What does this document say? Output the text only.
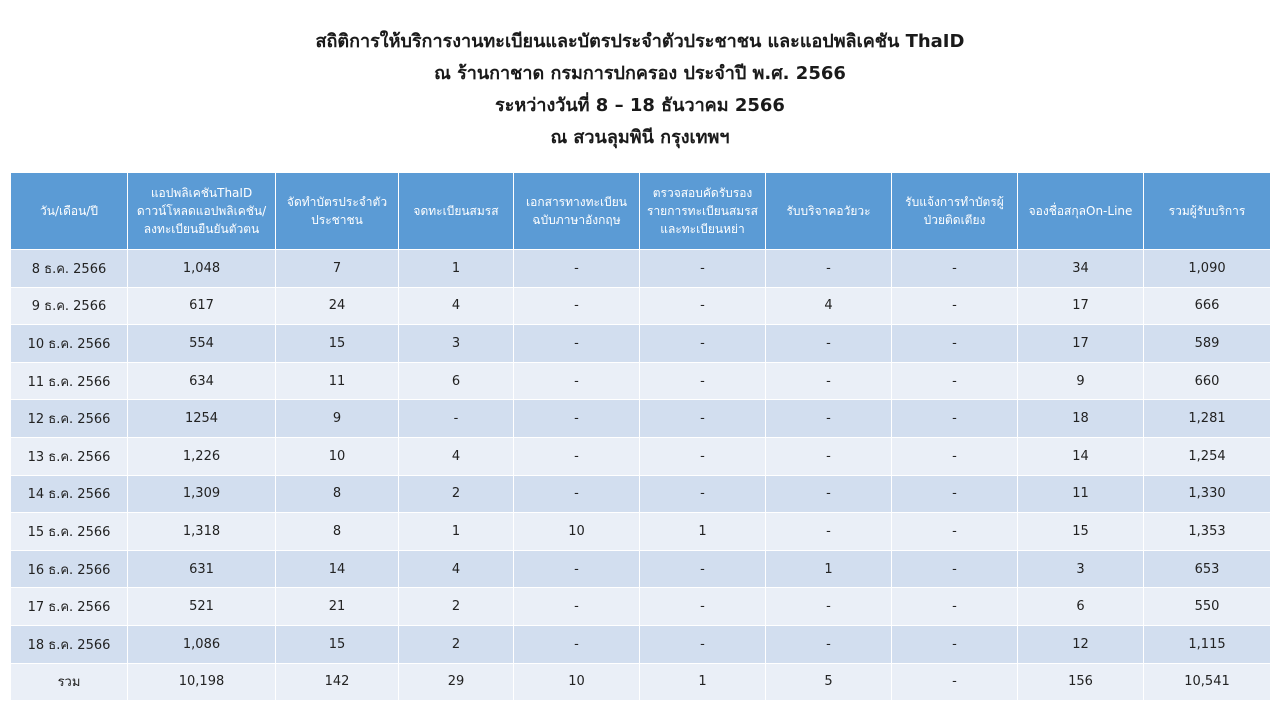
สถิติการให้บริการงานทะเบียนและบัตรประจำตัวประชาชน และแอปพลิเคชัน ThaID
ณ ร้านกาชาด กรมการปกครอง ประจำปี พ.ศ. 2566
ระหว่างวันที่ 8 – 18 ธันวาคม 2566
ณ สวนลุมพินี กรุงเทพฯ
วัน/เดือน/ปี	แอปพลิเคชันThaID ดาวน์โหลดแอปพลิเคชัน/ ลงทะเบียนยืนยันตัวตน	จัดทำบัตรประจำตัว ประชาชน	จดทะเบียนสมรส	เอกสารทางทะเบียน ฉบับภาษาอังกฤษ	ตรวจสอบคัดรับรอง รายการทะเบียนสมรส และทะเบียนหย่า	รับบริจาคอวัยวะ	รับแจ้งการทำบัตรผู้ ป่วยติดเตียง	จองชื่อสกุลOn-Line	รวมผู้รับบริการ
8 ธ.ค. 2566	1,048	7	1	-	-	-	-	34	1,090
9 ธ.ค. 2566	617	24	4	-	-	4	-	17	666
10 ธ.ค. 2566	554	15	3	-	-	-	-	17	589
11 ธ.ค. 2566	634	11	6	-	-	-	-	9	660
12 ธ.ค. 2566	1254	9	-	-	-	-	-	18	1,281
13 ธ.ค. 2566	1,226	10	4	-	-	-	-	14	1,254
14 ธ.ค. 2566	1,309	8	2	-	-	-	-	11	1,330
15 ธ.ค. 2566	1,318	8	1	10	1	-	-	15	1,353
16 ธ.ค. 2566	631	14	4	-	-	1	-	3	653
17 ธ.ค. 2566	521	21	2	-	-	-	-	6	550
18 ธ.ค. 2566	1,086	15	2	-	-	-	-	12	1,115
รวม	10,198	142	29	10	1	5	-	156	10,541
